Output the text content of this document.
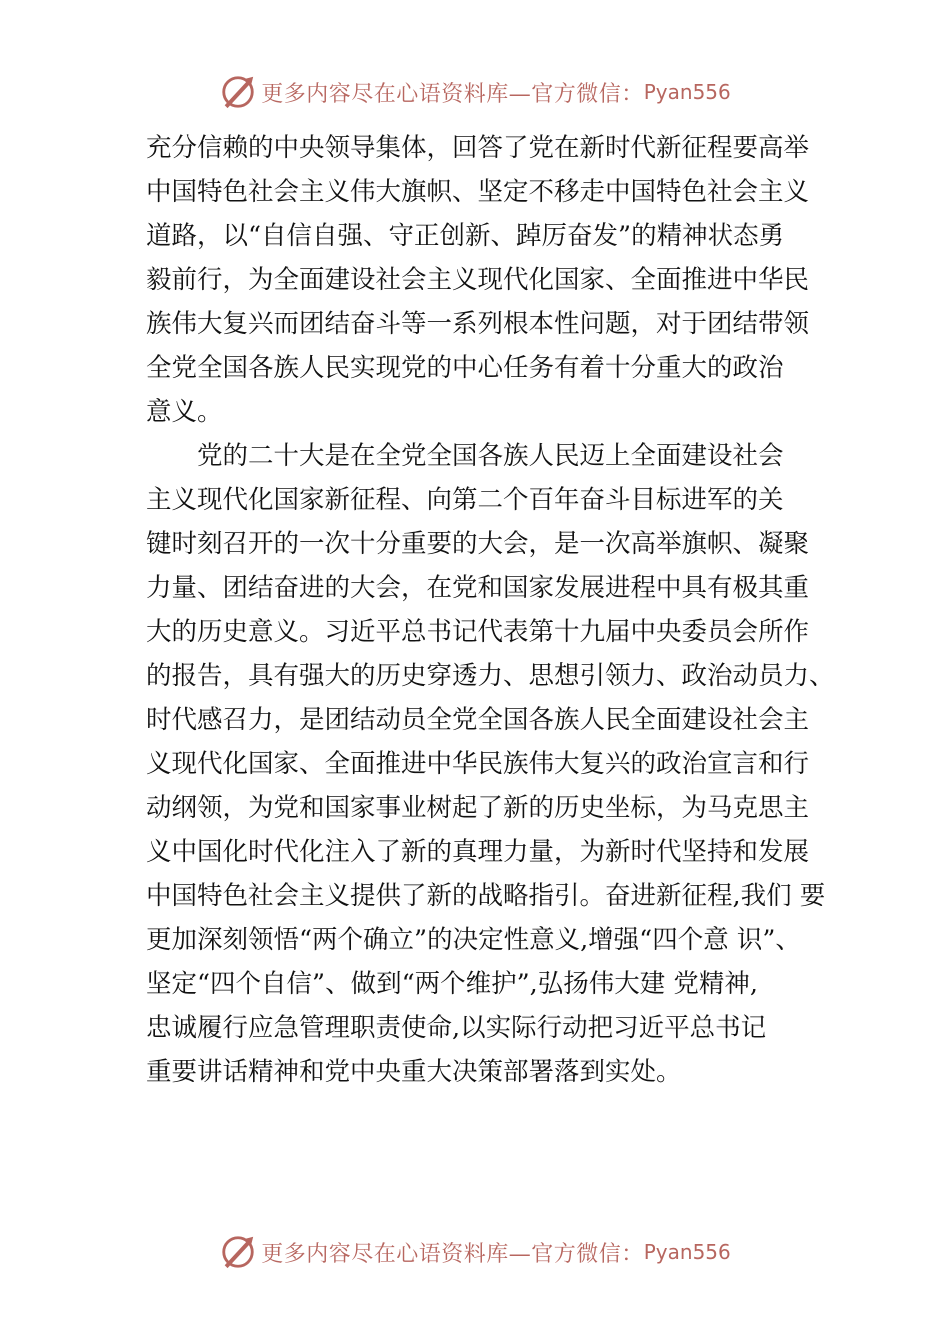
更多内容尽在心语资料库—官方微信： Pyan556
充分信赖的中央领导集体，回答了党在新时代新征程要高举
中国特色社会主义伟大旗帜、坚定不移走中国特色社会主义
道路，以“自信自强、守正创新、踔厉奋发”的精神状态勇
毅前行，为全面建设社会主义现代化国家、全面推进中华民
族伟大复兴而团结奋斗等一系列根本性问题，对于团结带领
全党全国各族人民实现党的中心任务有着十分重大的政治
意义。
　　党的二十大是在全党全国各族人民迈上全面建设社会
主义现代化国家新征程、向第二个百年奋斗目标进军的关
键时刻召开的一次十分重要的大会，是一次高举旗帜、凝聚
力量、团结奋进的大会，在党和国家发展进程中具有极其重
大的历史意义。习近平总书记代表第十九届中央委员会所作
的报告，具有强大的历史穿透力、思想引领力、政治动员力、
时代感召力，是团结动员全党全国各族人民全面建设社会主
义现代化国家、全面推进中华民族伟大复兴的政治宣言和行
动纲领，为党和国家事业树起了新的历史坐标，为马克思主
义中国化时代化注入了新的真理力量，为新时代坚持和发展
中国特色社会主义提供了新的战略指引。奋进新征程,我们 要
更加深刻领悟“两个确立”的决定性意义,增强“四个意 识”、
坚定“四个自信”、做到“两个维护”,弘扬伟大建 党精神,
忠诚履行应急管理职责使命,以实际行动把习近平总书记
重要讲话精神和党中央重大决策部署落到实处。
更多内容尽在心语资料库—官方微信： Pyan556
